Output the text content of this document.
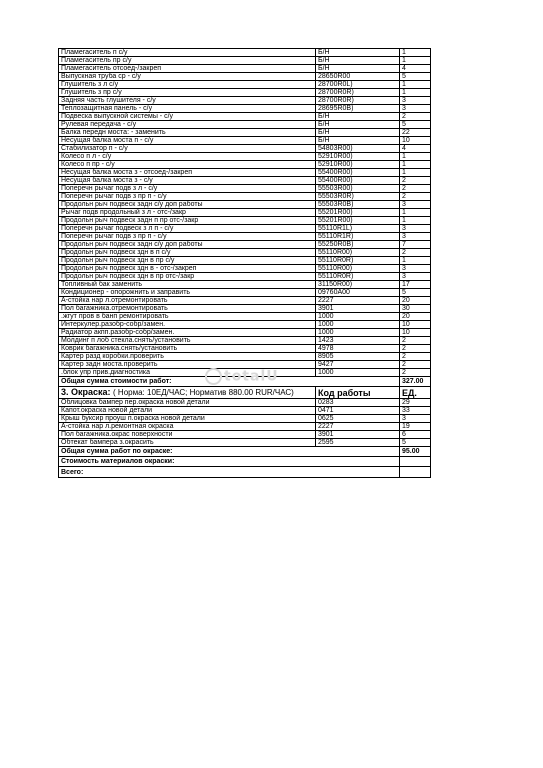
Пламегаситель п с/у	Б/Н	1
Пламегаситель пр с/у	Б/Н	1
Пламегаситель отсоед-/закреп	Б/Н	4
Выпускная труба ср - с/у	28650R00	5
Глушитель з л с/у	28700R0L)	1
Глушитель з пр с/у	28700R0R)	1
Задняя часть глушителя - с/у	28700R0R)	3
Теплозащитная панель - с/у	28695R0B)	3
Подвеска выпускной системы - с/у	Б/Н	2
Рулевая передача - с/у	Б/Н	5
Балка передн моста: - заменить	Б/Н	22
Несущая балка моста п - с/у	Б/Н	10
Стабилизатор п - с/у	54803R00)	4
Колесо п л - с/у	52910R00)	1
Колесо п пр - с/у	52910R00)	1
Несущая балка моста з - отсоед-/закреп	55400R00)	1
Несущая балка моста з - с/у	55400R00)	2
Поперечн рычаг подв з л - с/у	55503R00)	2
Поперечн рычаг подв з пр п - с/у	55503R0R)	2
Продольн рыч подвеск задн с/у доп работы	55503R0B)	3
Рычаг подв продольный з л - отс-/закр	55201R00)	1
Продольн рыч подвеск задн п пр отс-/закр	55201R00)	1
Поперечн рычаг подвеск з л п - с/у	55110R1L)	3
Поперечн рычаг подв з пр п - с/у	55110R1R)	3
Продольн рыч подвеск задн с/у доп работы	55250R0B)	7
Продольн рыч подвеск здн в п с/у	55110R00)	2
Продольн рыч подвеск здн в пр с/у	55110R0R)	1
Продольн рыч подвеск здн в - отс-/закреп	55110R00)	3
Продольн рыч подвеск здн в пр отс-/закр	55110R0R)	3
Топливный бак заменить	31150R00)	17
Кондиционер - опорожнить и заправить	09760A00	5
А-стойка нар л.отремонтировать	2227	20
Пол багажника.отремонтировать	3901	30
.жгут пров в банп ремонтировать	1000	20
Интеркулер.разобр-собр/замен.	1000	10
Радиатор акпп.разобр-собр/замен.	1000	10
Молдинг п лоб стекла.снять/установить	1423	2
Коврик багажника.снять/установить	4978	2
Картер разд коробки.проверить	8905	2
Картер задн моста.проверить	9427	2
.блок упр прив.диагностика	1000	2
Общая сумма стоимости работ:		327.00
3. Окраска: ( Норма: 10ЕД/ЧАС; Норматив 880.00 RUR/ЧАС)	Код работы	ЕД.
Облицовка бампер пер.окраска новой детали	0283	29
Капот.окраска новой детали	0471	33
Крыш буксир проуш п.окраска новой детали	0625	3
А-стойка нар л.ремонтная окраска	2227	19
Пол багажника.окрас поверхности	3901	6
Обтекат бампера з.окрасить	2595	5
Общая сумма работ по окраске:		95.00
Стоимость материалов окраски:		
Всего:		
totalU
